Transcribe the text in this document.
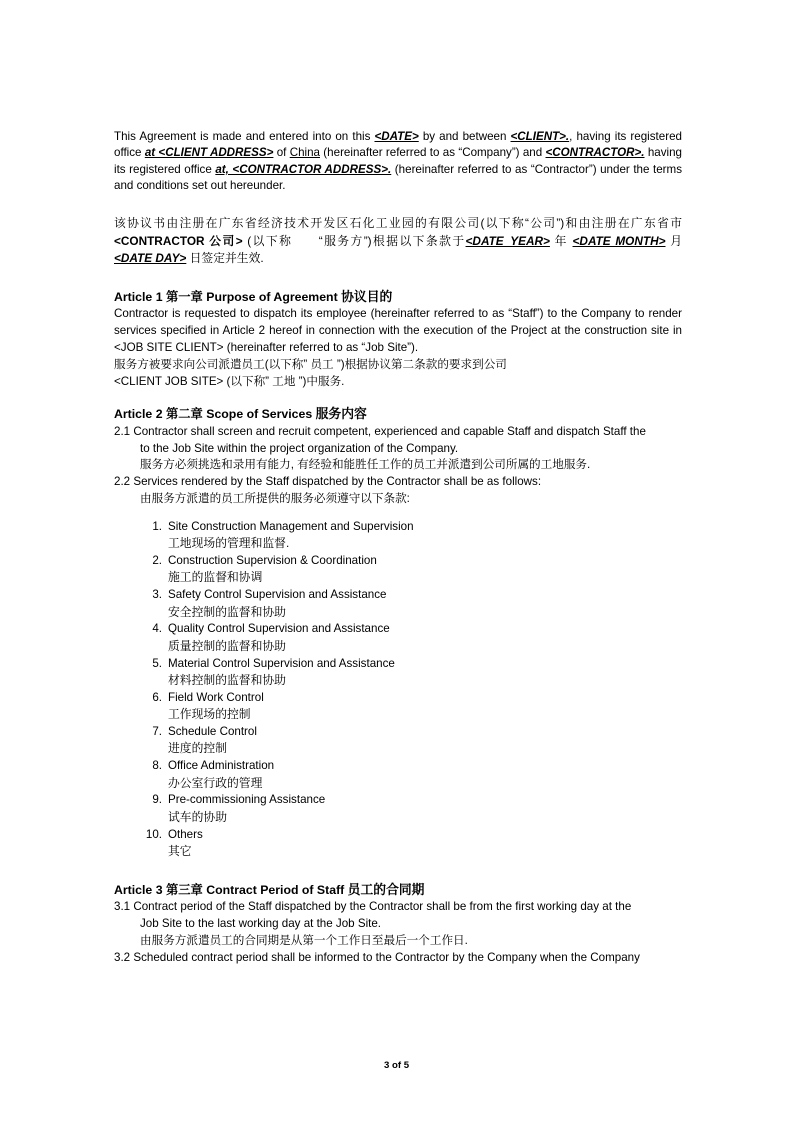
This Agreement is made and entered into on this <DATE> by and between <CLIENT>., having its registered office at <CLIENT ADDRESS> of China (hereinafter referred to as “Company”) and <CONTRACTOR>. having its registered office at, <CONTRACTOR ADDRESS>. (hereinafter referred to as “Contractor”) under the terms and conditions set out hereunder.

该协议书由注册在广东省经济技术开发区石化工业园的有限公司(以下称“公司”)和由注册在广东省市　<CONTRACTOR 公司> (以下称　　“服务方”)根据以下条款于<DATE_YEAR> 年 <DATE MONTH> 月 <DATE DAY> 日签定并生效.

Article 1 第一章 Purpose of Agreement 协议目的

Contractor is requested to dispatch its employee (hereinafter referred to as “Staff”) to the Company to render services specified in Article 2 hereof in connection with the execution of the Project at the construction site in <JOB SITE CLIENT> (hereinafter referred to as “Job Site”).

服务方被要求向公司派遣员工(以下称” 员工 ”)根据协议第二条款的要求到公司

<CLIENT JOB SITE> (以下称” 工地 ”)中服务.

Article 2 第二章 Scope of Services 服务内容

2.1 Contractor shall screen and recruit competent, experienced and capable Staff and dispatch Staff the

to the Job Site within the project organization of the Company.

服务方必须挑选和录用有能力, 有经验和能胜任工作的员工并派遣到公司所属的工地服务.

2.2 Services rendered by the Staff dispatched by the Contractor shall be as follows:

由服务方派遣的员工所提供的服务必须遵守以下条款:

1. Site Construction Management and Supervision
工地现场的管理和监督.
2. Construction Supervision & Coordination
施工的监督和协调
3. Safety Control Supervision and Assistance
安全控制的监督和协助
4. Quality Control Supervision and Assistance
质量控制的监督和协助
5. Material Control Supervision and Assistance
材料控制的监督和协助
6. Field Work Control
工作现场的控制
7. Schedule Control
进度的控制
8. Office Administration
办公室行政的管理
9. Pre-commissioning Assistance
试车的协助
10. Others
其它

Article 3 第三章 Contract Period of Staff 员工的合同期

3.1 Contract period of the Staff dispatched by the Contractor shall be from the first working day at the

Job Site to the last working day at the Job Site.

由服务方派遣员工的合同期是从第一个工作日至最后一个工作日.

3.2 Scheduled contract period shall be informed to the Contractor by the Company when the Company

3 of 5
